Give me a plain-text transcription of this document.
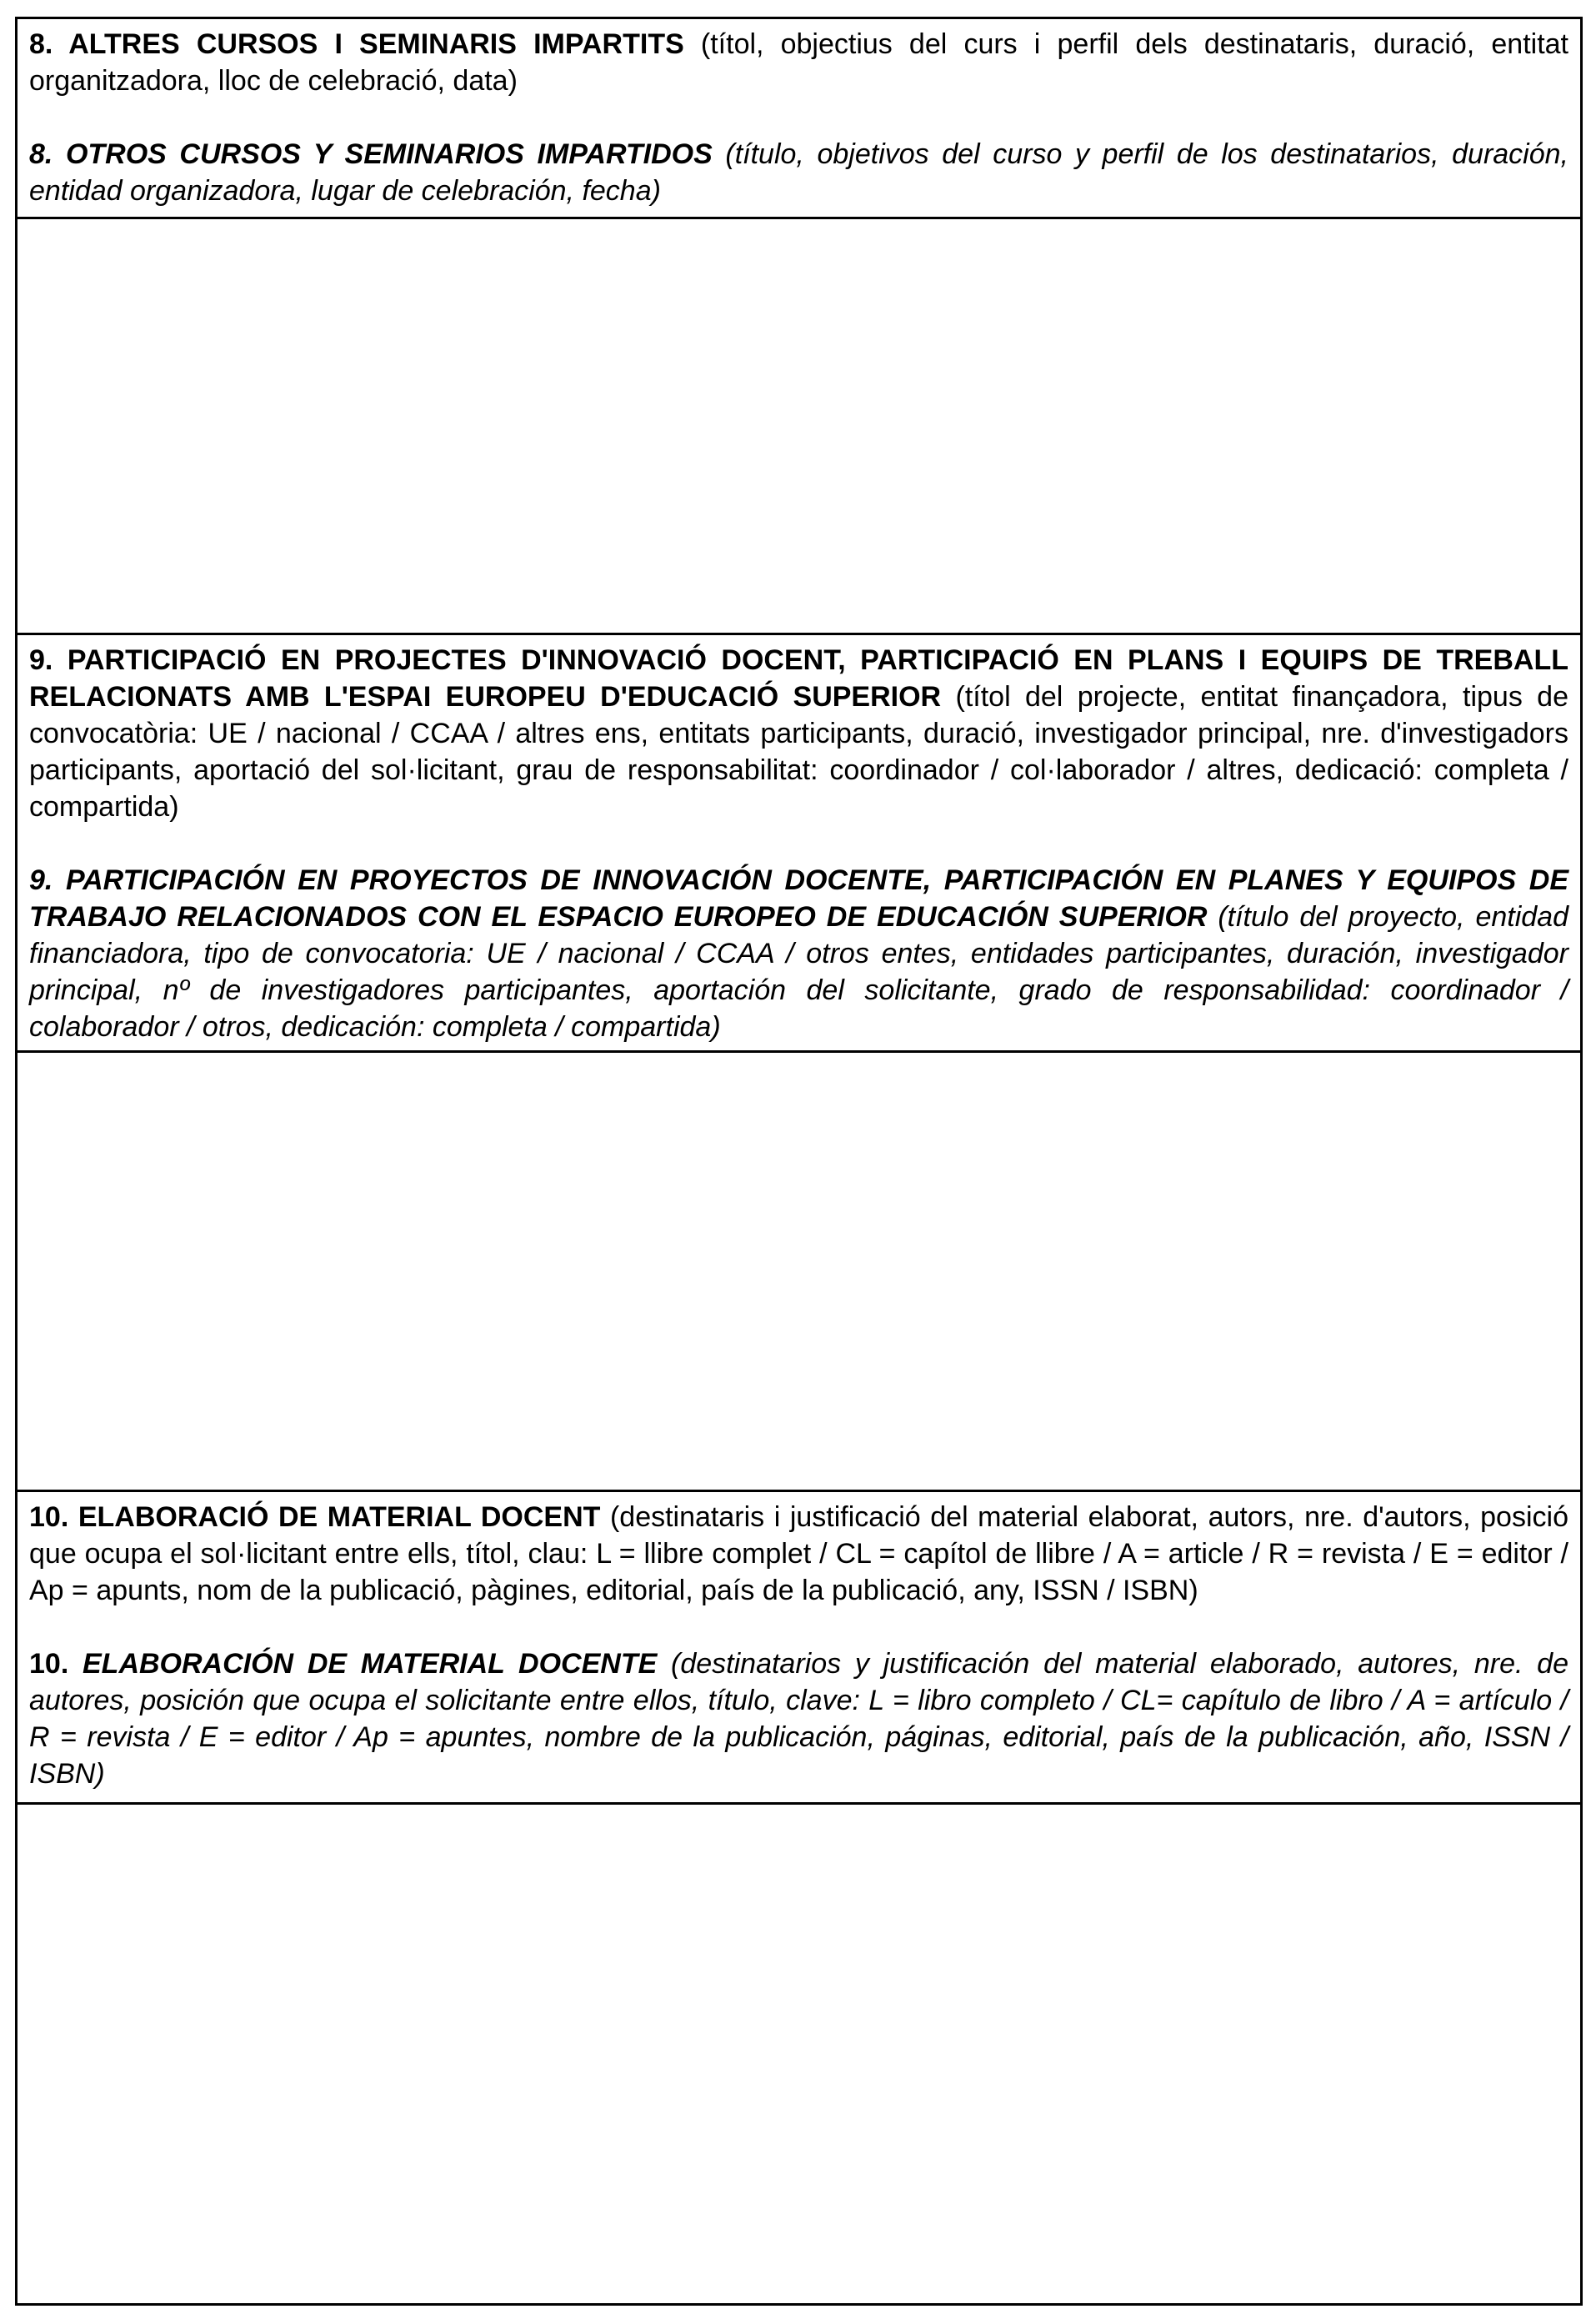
8. ALTRES CURSOS I SEMINARIS IMPARTITS (títol, objectius del curs i perfil dels destinataris, duració, entitat organitzadora, lloc de celebració, data)

8. OTROS CURSOS Y SEMINARIOS IMPARTIDOS (título, objetivos del curso y perfil de los destinatarios, duración, entidad organizadora, lugar de celebración, fecha)

9. PARTICIPACIÓ EN PROJECTES D'INNOVACIÓ DOCENT, PARTICIPACIÓ EN PLANS I EQUIPS DE TREBALL RELACIONATS AMB L'ESPAI EUROPEU D'EDUCACIÓ SUPERIOR (títol del projecte, entitat finançadora, tipus de convocatòria: UE / nacional / CCAA / altres ens, entitats participants, duració, investigador principal, nre. d'investigadors participants, aportació del sol·licitant, grau de responsabilitat: coordinador / col·laborador / altres, dedicació: completa / compartida)

9. PARTICIPACIÓN EN PROYECTOS DE INNOVACIÓN DOCENTE, PARTICIPACIÓN EN PLANES Y EQUIPOS DE TRABAJO RELACIONADOS CON EL ESPACIO EUROPEO DE EDUCACIÓN SUPERIOR (título del proyecto, entidad financiadora, tipo de convocatoria: UE / nacional / CCAA / otros entes, entidades participantes, duración, investigador principal, nº de investigadores participantes, aportación del solicitante, grado de responsabilidad: coordinador / colaborador / otros, dedicación: completa / compartida)

10. ELABORACIÓ DE MATERIAL DOCENT (destinataris i justificació del material elaborat, autors, nre. d'autors, posició que ocupa el sol·licitant entre ells, títol, clau: L = llibre complet / CL = capítol de llibre / A = article / R = revista / E = editor / Ap = apunts, nom de la publicació, pàgines, editorial, país de la publicació, any, ISSN / ISBN)

10. ELABORACIÓN DE MATERIAL DOCENTE (destinatarios y justificación del material elaborado, autores, nre. de autores, posición que ocupa el solicitante entre ellos, título, clave: L = libro completo / CL= capítulo de libro / A = artículo / R = revista / E = editor / Ap = apuntes, nombre de la publicación, páginas, editorial, país de la publicación, año, ISSN / ISBN)
